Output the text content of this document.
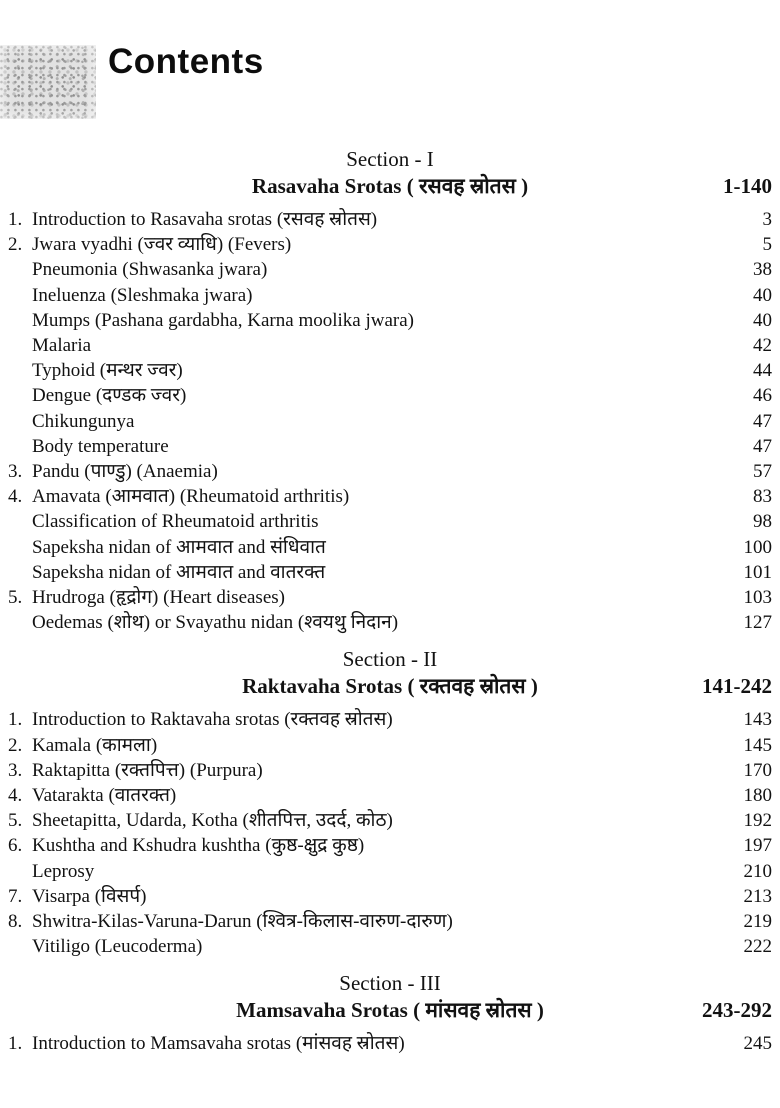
Contents
Section - I
Rasavaha Srotas ( रसवह स्रोतस )	1-140
1. Introduction to Rasavaha srotas (रसवह स्रोतस)	3
2. Jwara vyadhi (ज्वर व्याधि) (Fevers)	5
Pneumonia (Shwasanka jwara)	38
Ineluenza (Sleshmaka jwara)	40
Mumps (Pashana gardabha, Karna moolika jwara)	40
Malaria	42
Typhoid (मन्थर ज्वर)	44
Dengue (दण्डक ज्वर)	46
Chikungunya	47
Body temperature	47
3. Pandu (पाण्डु) (Anaemia)	57
4. Amavata (आमवात) (Rheumatoid arthritis)	83
Classification of Rheumatoid arthritis	98
Sapeksha nidan of आमवात and संधिवात	100
Sapeksha nidan of आमवात and वातरक्त	101
5. Hrudroga (हृद्रोग) (Heart diseases)	103
Oedemas (शोथ) or Svayathu nidan (श्वयथु निदान)	127
Section - II
Raktavaha Srotas ( रक्तवह स्रोतस )	141-242
1. Introduction to Raktavaha srotas (रक्तवह स्रोतस)	143
2. Kamala (कामला)	145
3. Raktapitta (रक्तपित्त) (Purpura)	170
4. Vatarakta (वातरक्त)	180
5. Sheetapitta, Udarda, Kotha (शीतपित्त, उदर्द, कोठ)	192
6. Kushtha and Kshudra kushtha (कुष्ठ-क्षुद्र कुष्ठ)	197
Leprosy	210
7. Visarpa (विसर्प)	213
8. Shwitra-Kilas-Varuna-Darun (श्वित्र-किलास-वारुण-दारुण)	219
Vitiligo (Leucoderma)	222
Section - III
Mamsavaha Srotas ( मांसवह स्रोतस )	243-292
1. Introduction to Mamsavaha srotas (मांसवह स्रोतस)	245
